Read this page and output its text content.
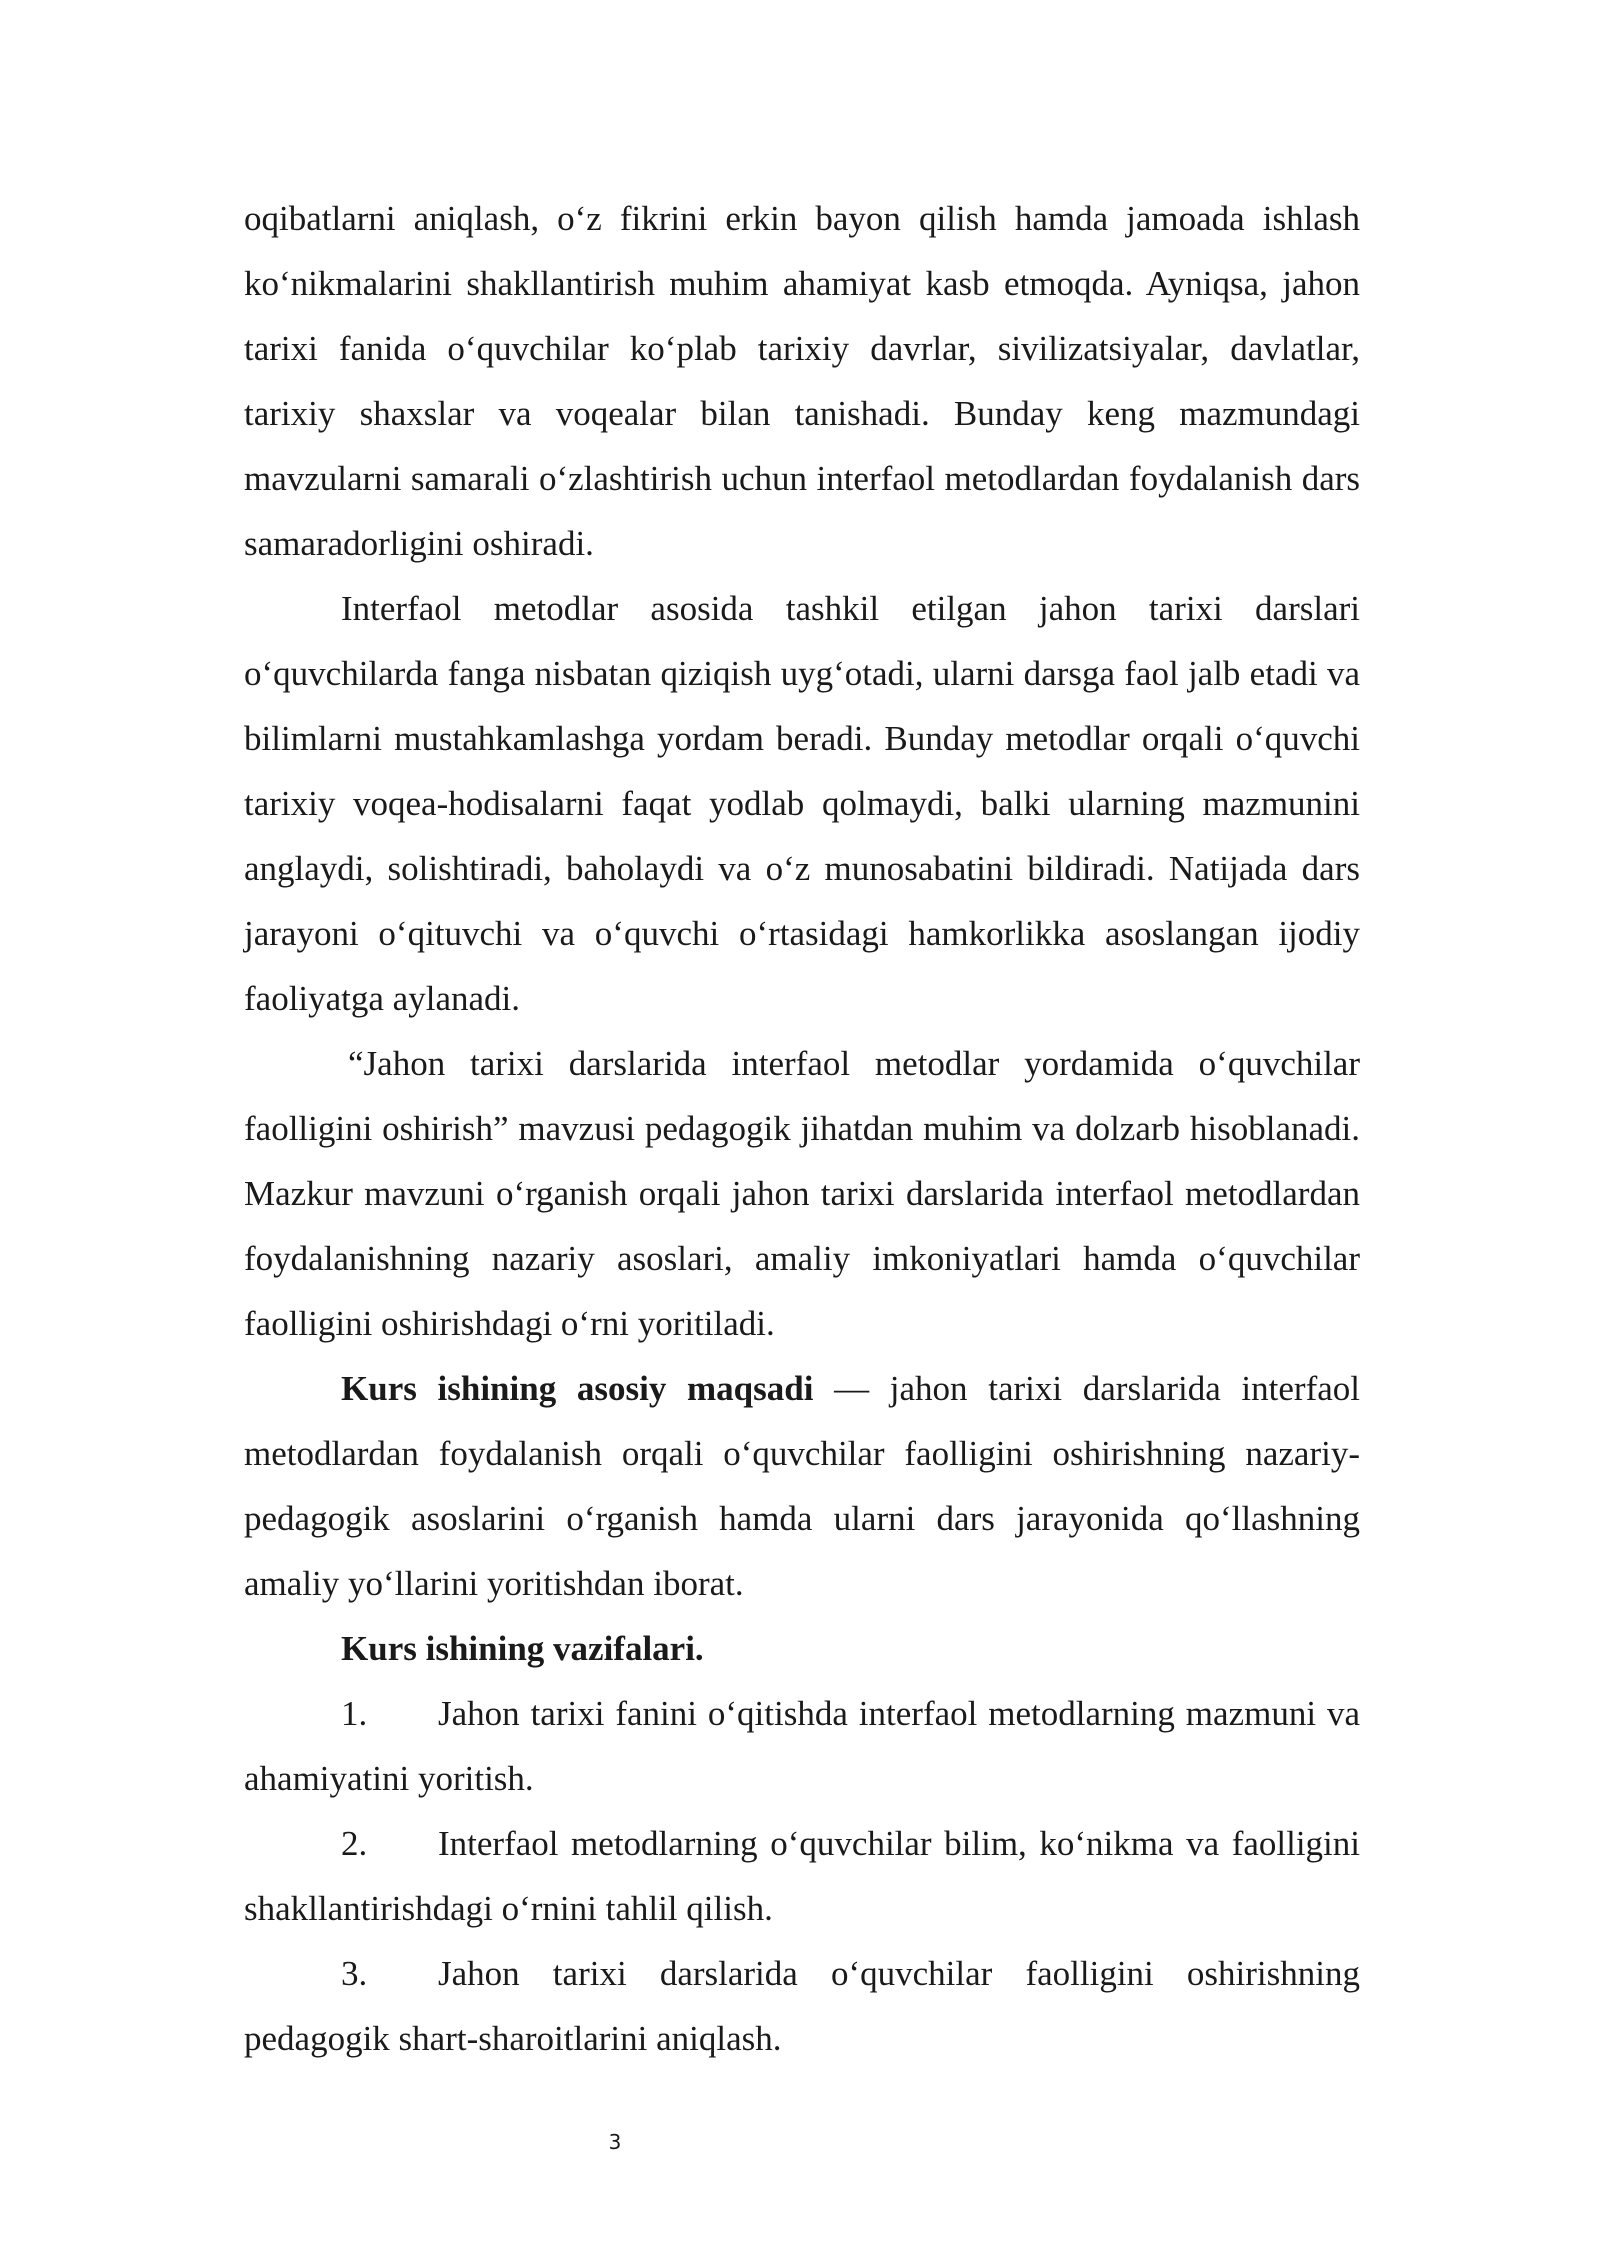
oqibatlarni aniqlash, o‘z fikrini erkin bayon qilish hamda jamoada ishlash ko‘nikmalarini shakllantirish muhim ahamiyat kasb etmoqda. Ayniqsa, jahon tarixi fanida o‘quvchilar ko‘plab tarixiy davrlar, sivilizatsiyalar, davlatlar, tarixiy shaxslar va voqealar bilan tanishadi. Bunday keng mazmundagi mavzularni samarali o‘zlashtirish uchun interfaol metodlardan foydalanish dars samaradorligini oshiradi.

Interfaol metodlar asosida tashkil etilgan jahon tarixi darslari o‘quvchilarda fanga nisbatan qiziqish uyg‘otadi, ularni darsga faol jalb etadi va bilimlarni mustahkamlashga yordam beradi. Bunday metodlar orqali o‘quvchi tarixiy voqea-hodisalarni faqat yodlab qolmaydi, balki ularning mazmunini anglaydi, solishtiradi, baholaydi va o‘z munosabatini bildiradi. Natijada dars jarayoni o‘qituvchi va o‘quvchi o‘rtasidagi hamkorlikka asoslangan ijodiy faoliyatga aylanadi.

“Jahon tarixi darslarida interfaol metodlar yordamida o‘quvchilar faolligini oshirish” mavzusi pedagogik jihatdan muhim va dolzarb hisoblanadi. Mazkur mavzuni o‘rganish orqali jahon tarixi darslarida interfaol metodlardan foydalanishning nazariy asoslari, amaliy imkoniyatlari hamda o‘quvchilar faolligini oshirishdagi o‘rni yoritiladi.

Kurs ishining asosiy maqsadi — jahon tarixi darslarida interfaol metodlardan foydalanish orqali o‘quvchilar faolligini oshirishning nazariy-pedagogik asoslarini o‘rganish hamda ularni dars jarayonida qo‘llashning amaliy yo‘llarini yoritishdan iborat.

Kurs ishining vazifalari.

1. Jahon tarixi fanini o‘qitishda interfaol metodlarning mazmuni va ahamiyatini yoritish.

2. Interfaol metodlarning o‘quvchilar bilim, ko‘nikma va faolligini shakllantirishdagi o‘rnini tahlil qilish.

3. Jahon tarixi darslarida o‘quvchilar faolligini oshirishning pedagogik shart-sharoitlarini aniqlash.

3
